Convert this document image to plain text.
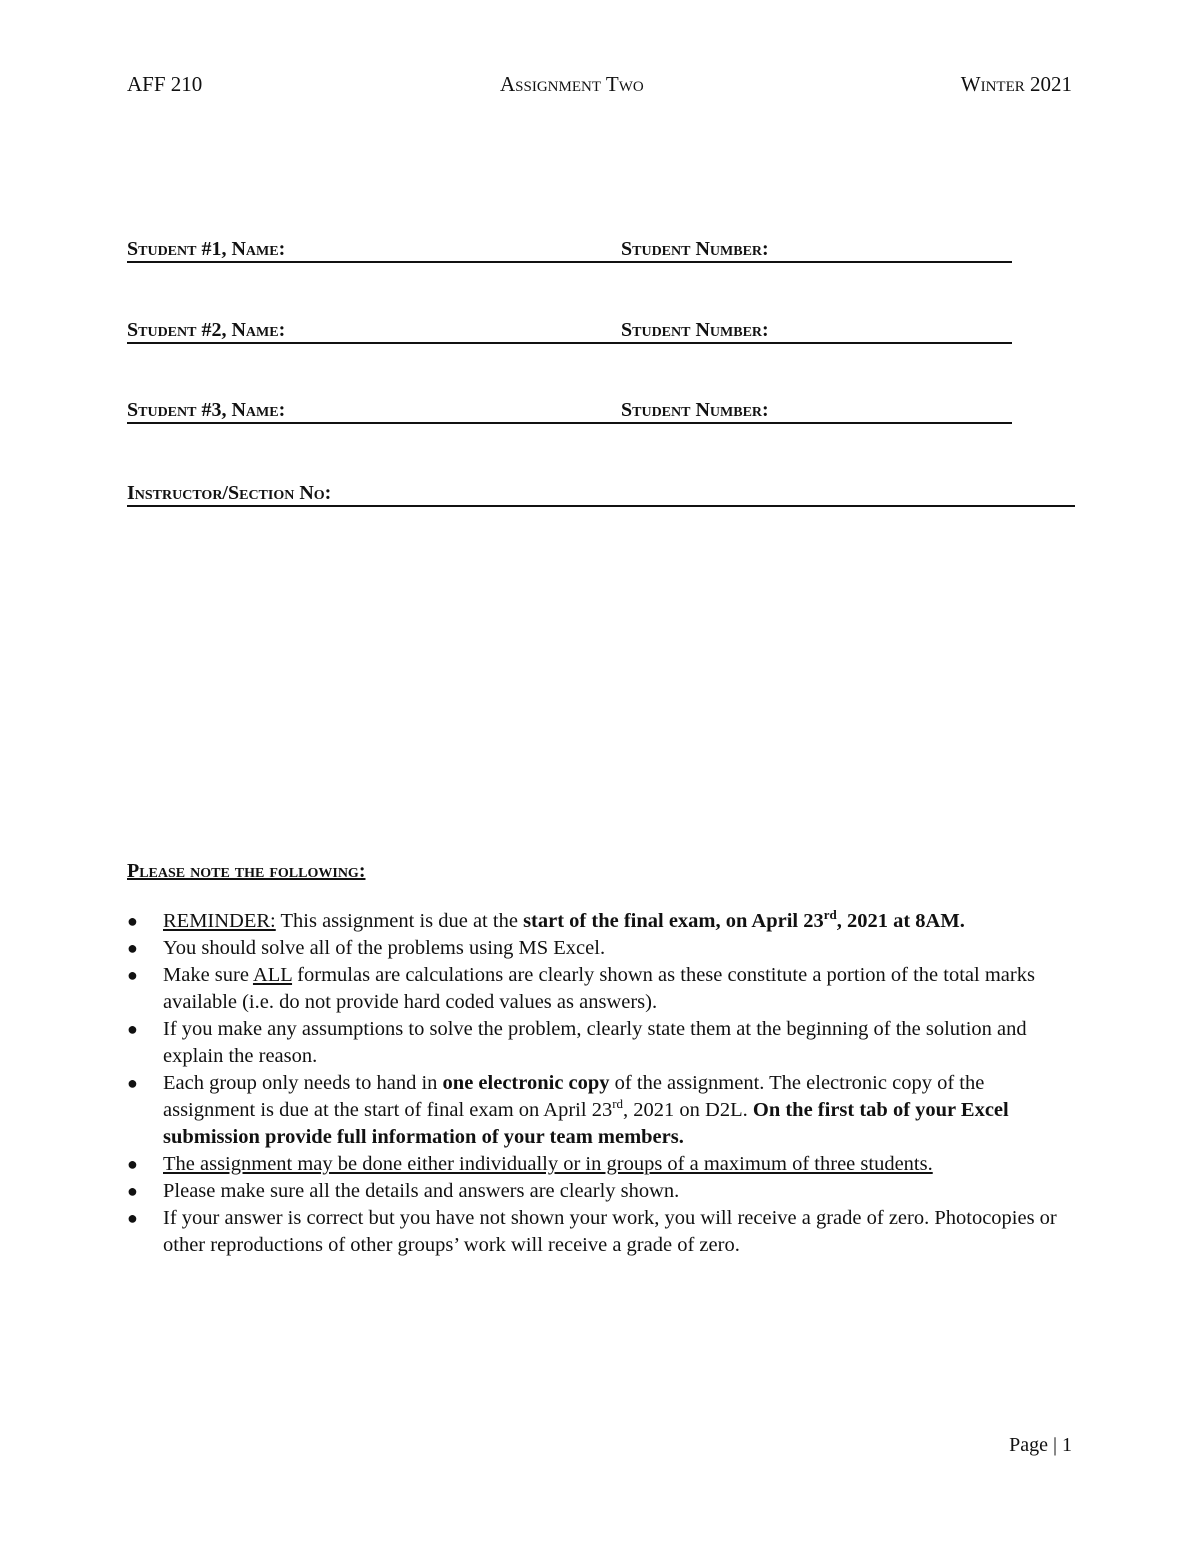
AFF 210	Assignment Two	Winter 2021
Student #1, Name:	Student Number:
Student #2, Name:	Student Number:
Student #3, Name:	Student Number:
Instructor/Section No:
Please note the following:
● REMINDER: This assignment is due at the start of the final exam, on April 23rd, 2021 at 8AM.
● You should solve all of the problems using MS Excel.
● Make sure ALL formulas are calculations are clearly shown as these constitute a portion of the total marks available (i.e. do not provide hard coded values as answers).
● If you make any assumptions to solve the problem, clearly state them at the beginning of the solution and explain the reason.
● Each group only needs to hand in one electronic copy of the assignment. The electronic copy of the assignment is due at the start of final exam on April 23rd, 2021 on D2L. On the first tab of your Excel submission provide full information of your team members.
● The assignment may be done either individually or in groups of a maximum of three students.
● Please make sure all the details and answers are clearly shown.
● If your answer is correct but you have not shown your work, you will receive a grade of zero. Photocopies or other reproductions of other groups’ work will receive a grade of zero.
Page | 1
